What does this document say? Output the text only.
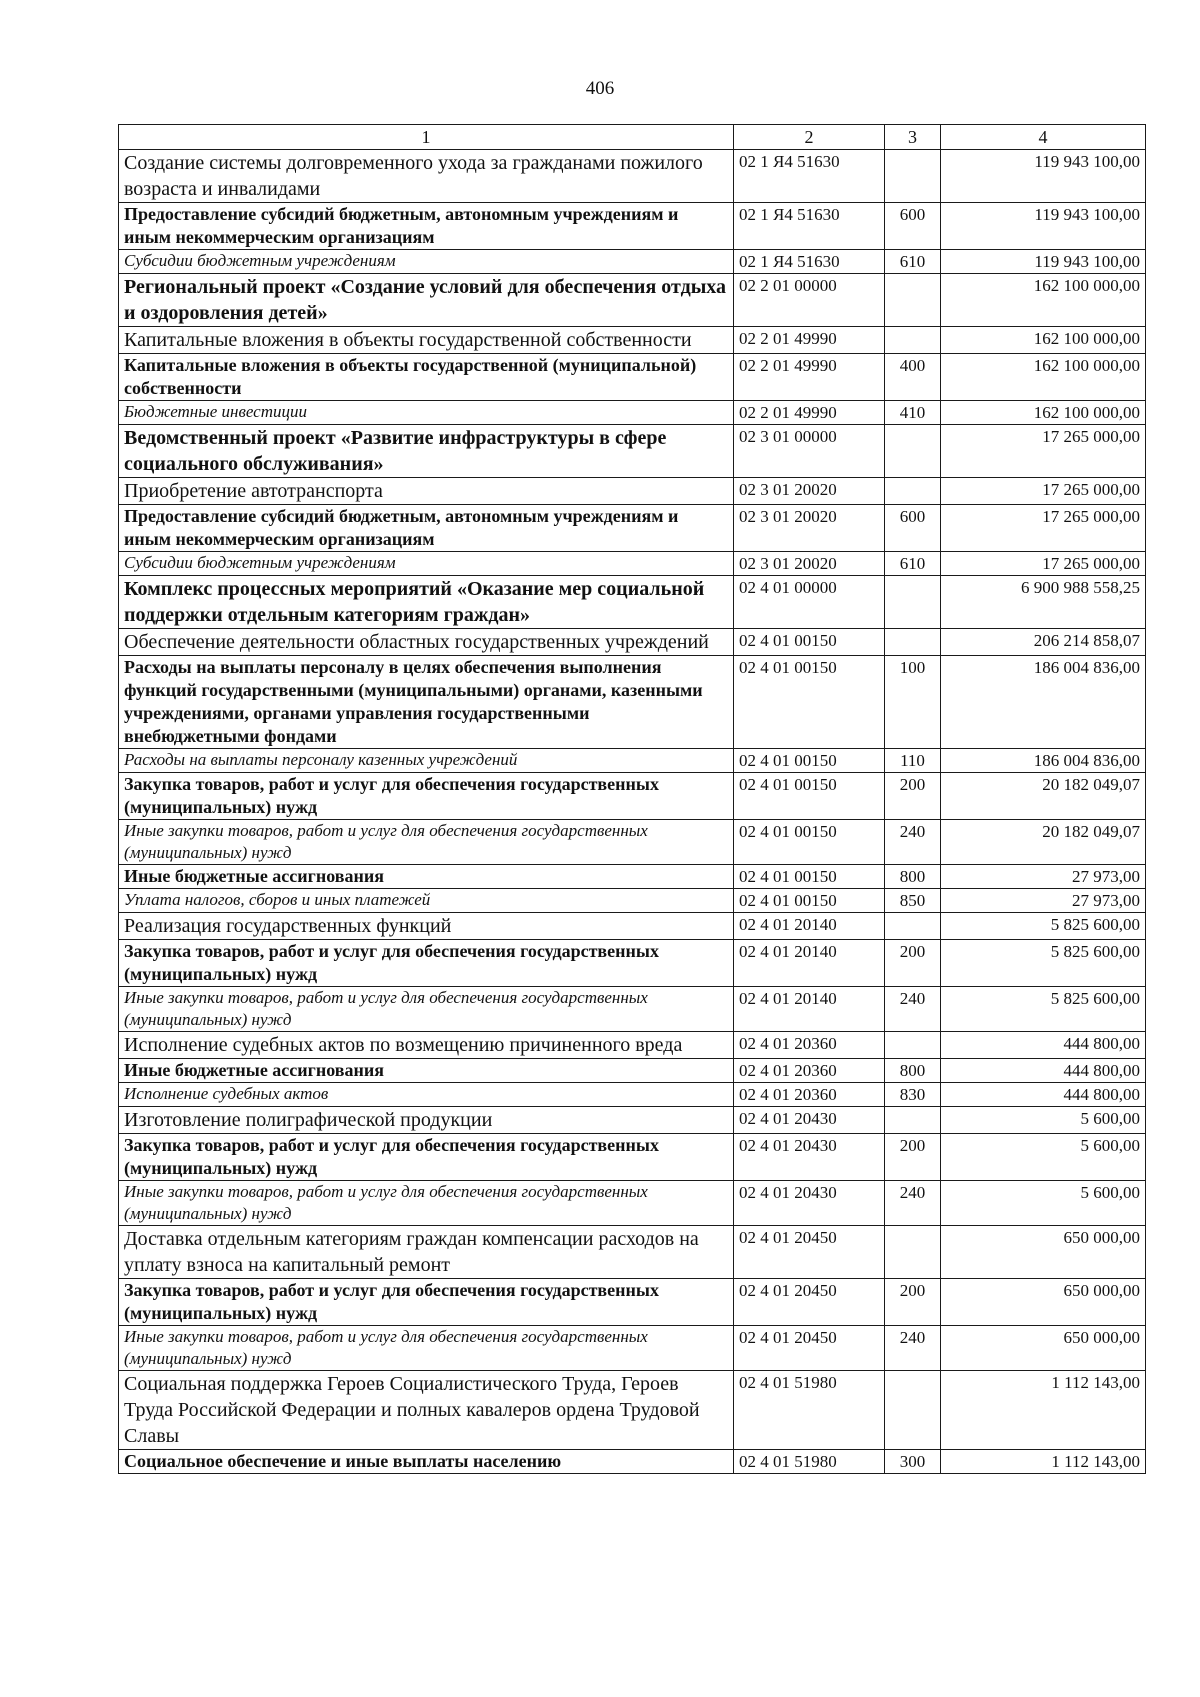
406
1	2	3	4
Создание системы долговременного ухода за гражданами пожилого возраста и инвалидами	02 1 Я4 51630		119 943 100,00
Предоставление субсидий бюджетным, автономным учреждениям и иным некоммерческим организациям	02 1 Я4 51630	600	119 943 100,00
Субсидии бюджетным учреждениям	02 1 Я4 51630	610	119 943 100,00
Региональный проект «Создание условий для обеспечения отдыха и оздоровления детей»	02 2 01 00000		162 100 000,00
Капитальные вложения в объекты государственной собственности	02 2 01 49990		162 100 000,00
Капитальные вложения в объекты государственной (муниципальной) собственности	02 2 01 49990	400	162 100 000,00
Бюджетные инвестиции	02 2 01 49990	410	162 100 000,00
Ведомственный проект «Развитие инфраструктуры в сфере социального обслуживания»	02 3 01 00000		17 265 000,00
Приобретение автотранспорта	02 3 01 20020		17 265 000,00
Предоставление субсидий бюджетным, автономным учреждениям и иным некоммерческим организациям	02 3 01 20020	600	17 265 000,00
Субсидии бюджетным учреждениям	02 3 01 20020	610	17 265 000,00
Комплекс процессных мероприятий «Оказание мер социальной поддержки отдельным категориям граждан»	02 4 01 00000		6 900 988 558,25
Обеспечение деятельности областных государственных учреждений	02 4 01 00150		206 214 858,07
Расходы на выплаты персоналу в целях обеспечения выполнения функций государственными (муниципальными) органами, казенными учреждениями, органами управления государственными внебюджетными фондами	02 4 01 00150	100	186 004 836,00
Расходы на выплаты персоналу казенных учреждений	02 4 01 00150	110	186 004 836,00
Закупка товаров, работ и услуг для обеспечения государственных (муниципальных) нужд	02 4 01 00150	200	20 182 049,07
Иные закупки товаров, работ и услуг для обеспечения государственных (муниципальных) нужд	02 4 01 00150	240	20 182 049,07
Иные бюджетные ассигнования	02 4 01 00150	800	27 973,00
Уплата налогов, сборов и иных платежей	02 4 01 00150	850	27 973,00
Реализация государственных функций	02 4 01 20140		5 825 600,00
Закупка товаров, работ и услуг для обеспечения государственных (муниципальных) нужд	02 4 01 20140	200	5 825 600,00
Иные закупки товаров, работ и услуг для обеспечения государственных (муниципальных) нужд	02 4 01 20140	240	5 825 600,00
Исполнение судебных актов по возмещению причиненного вреда	02 4 01 20360		444 800,00
Иные бюджетные ассигнования	02 4 01 20360	800	444 800,00
Исполнение судебных актов	02 4 01 20360	830	444 800,00
Изготовление полиграфической продукции	02 4 01 20430		5 600,00
Закупка товаров, работ и услуг для обеспечения государственных (муниципальных) нужд	02 4 01 20430	200	5 600,00
Иные закупки товаров, работ и услуг для обеспечения государственных (муниципальных) нужд	02 4 01 20430	240	5 600,00
Доставка отдельным категориям граждан компенсации расходов на уплату взноса на капитальный ремонт	02 4 01 20450		650 000,00
Закупка товаров, работ и услуг для обеспечения государственных (муниципальных) нужд	02 4 01 20450	200	650 000,00
Иные закупки товаров, работ и услуг для обеспечения государственных (муниципальных) нужд	02 4 01 20450	240	650 000,00
Социальная поддержка Героев Социалистического Труда, Героев Труда Российской Федерации и полных кавалеров ордена Трудовой Славы	02 4 01 51980		1 112 143,00
Социальное обеспечение и иные выплаты населению	02 4 01 51980	300	1 112 143,00
